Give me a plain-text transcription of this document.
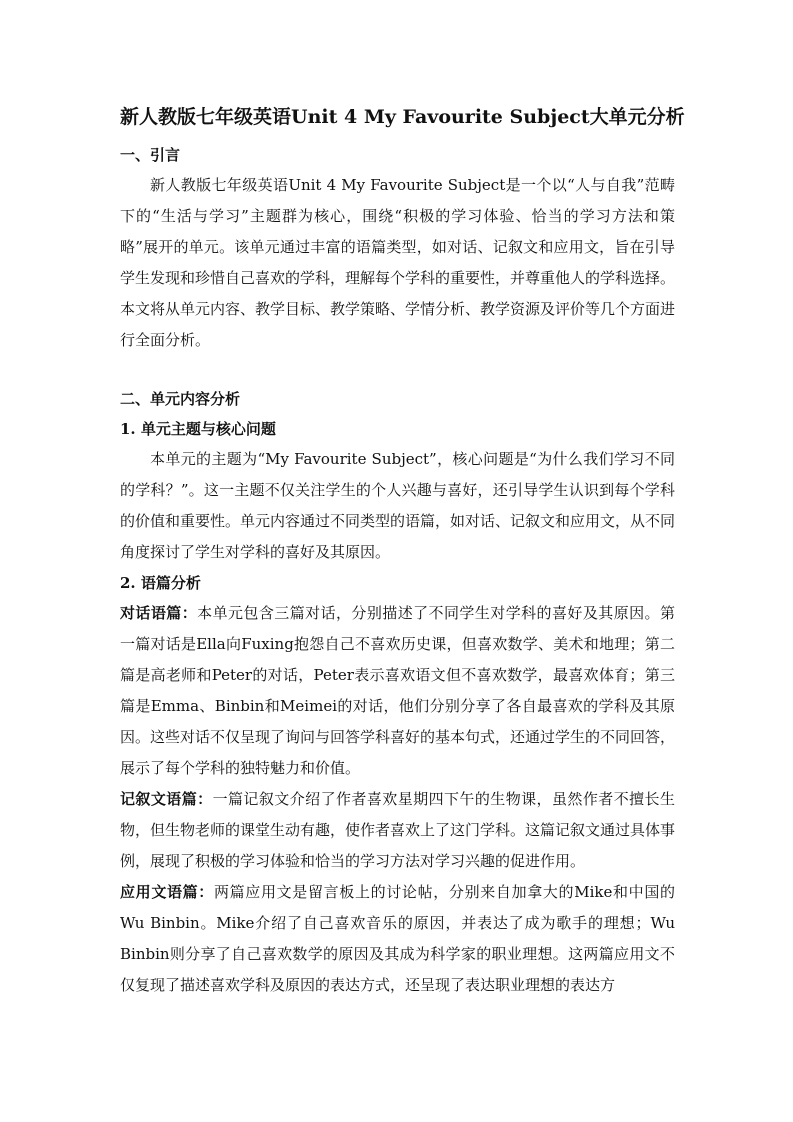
新人教版七年级英语Unit 4 My Favourite Subject大单元分析
一、引言

新人教版七年级英语Unit 4 My Favourite Subject是一个以“人与自我”范畴下的“生活与学习”主题群为核心，围绕“积极的学习体验、恰当的学习方法和策略”展开的单元。该单元通过丰富的语篇类型，如对话、记叙文和应用文，旨在引导学生发现和珍惜自己喜欢的学科，理解每个学科的重要性，并尊重他人的学科选择。本文将从单元内容、教学目标、教学策略、学情分析、教学资源及评价等几个方面进行全面分析。

二、单元内容分析
1. 单元主题与核心问题

本单元的主题为“My Favourite Subject”，核心问题是“为什么我们学习不同的学科？”。这一主题不仅关注学生的个人兴趣与喜好，还引导学生认识到每个学科的价值和重要性。单元内容通过不同类型的语篇，如对话、记叙文和应用文，从不同角度探讨了学生对学科的喜好及其原因。

2. 语篇分析

对话语篇：本单元包含三篇对话，分别描述了不同学生对学科的喜好及其原因。第一篇对话是Ella向Fuxing抱怨自己不喜欢历史课，但喜欢数学、美术和地理；第二篇是高老师和Peter的对话，Peter表示喜欢语文但不喜欢数学，最喜欢体育；第三篇是Emma、Binbin和Meimei的对话，他们分别分享了各自最喜欢的学科及其原因。这些对话不仅呈现了询问与回答学科喜好的基本句式，还通过学生的不同回答，展示了每个学科的独特魅力和价值。

记叙文语篇：一篇记叙文介绍了作者喜欢星期四下午的生物课，虽然作者不擅长生物，但生物老师的课堂生动有趣，使作者喜欢上了这门学科。这篇记叙文通过具体事例，展现了积极的学习体验和恰当的学习方法对学习兴趣的促进作用。

应用文语篇：两篇应用文是留言板上的讨论帖，分别来自加拿大的Mike和中国的Wu Binbin。Mike介绍了自己喜欢音乐的原因，并表达了成为歌手的理想；Wu Binbin则分享了自己喜欢数学的原因及其成为科学家的职业理想。这两篇应用文不仅复现了描述喜欢学科及原因的表达方式，还呈现了表达职业理想的表达方
